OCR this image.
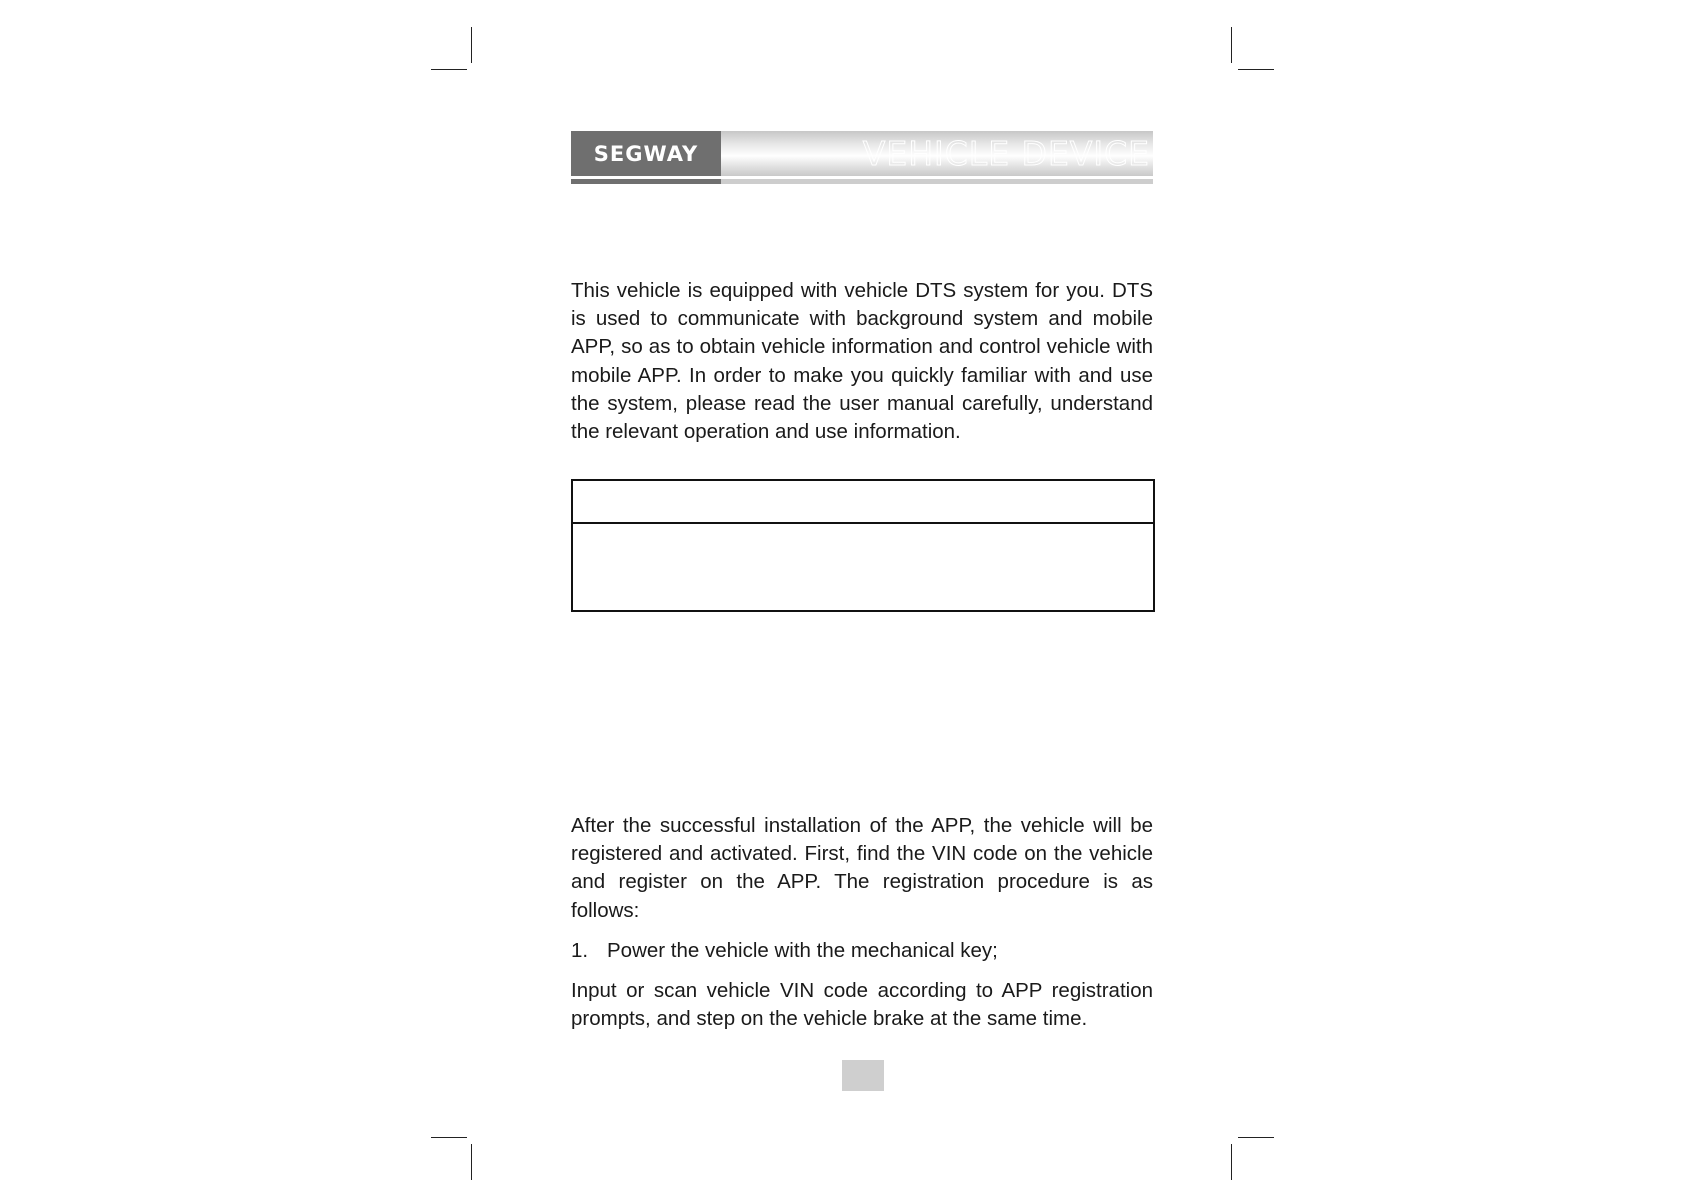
SEGWAY	VEHICLE DEVICE

This vehicle is equipped with vehicle DTS system for you. DTS is used to communicate with background system and mobile APP, so as to obtain vehicle information and control vehicle with mobile APP. In order to make you quickly familiar with and use the system, please read the user manual carefully, understand the relevant operation and use information.

After the successful installation of the APP, the vehicle will be registered and activated. First, find the VIN code on the vehicle and register on the APP. The registration procedure is as follows:

1. Power the vehicle with the mechanical key;

Input or scan vehicle VIN code according to APP registration prompts, and step on the vehicle brake at the same time.
